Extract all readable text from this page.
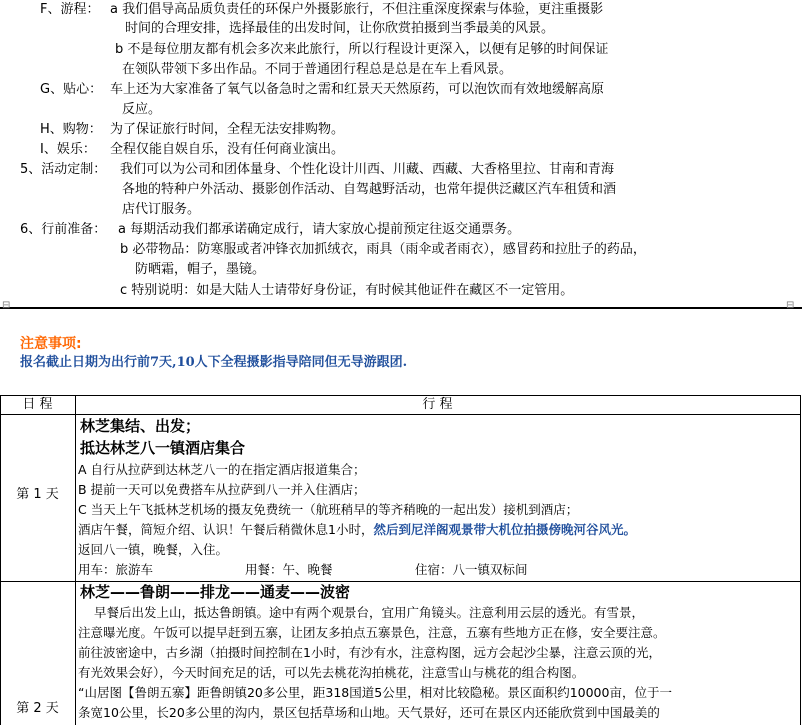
F、游程： a 我们倡导高品质负责任的环保户外摄影旅行，不但注重深度探索与体验，更注重摄影
时间的合理安排，选择最佳的出发时间，让你欣赏拍摄到当季最美的风景。
b 不是每位朋友都有机会多次来此旅行，所以行程设计更深入，以便有足够的时间保证
在领队带领下多出作品。不同于普通团行程总是总是在车上看风景。
G、贴心： 车上还为大家准备了氧气以备急时之需和红景天天然原药，可以泡饮而有效地缓解高原
反应。
H、购物： 为了保证旅行时间，全程无法安排购物。
I、娱乐： 全程仅能自娱自乐，没有任何商业演出。
5、活动定制： 我们可以为公司和团体量身、个性化设计川西、川藏、西藏、大香格里拉、甘南和青海
各地的特种户外活动、摄影创作活动、自驾越野活动，也常年提供泛藏区汽车租赁和酒
店代订服务。
6、行前准备： a 每期活动我们都承诺确定成行，请大家放心提前预定往返交通票务。
b 必带物品：防寒服或者冲锋衣加抓绒衣，雨具（雨伞或者雨衣），感冒药和拉肚子的药品，
防晒霜，帽子，墨镜。
c 特别说明：如是大陆人士请带好身份证，有时候其他证件在藏区不一定管用。
⊟	⊟
注意事项:
报名截止日期为出行前7天,10人下全程摄影指导陪同但无导游跟团.
日 程	行 程
第 1 天
林芝集结、出发；
抵达林芝八一镇酒店集合
A 自行从拉萨到达林芝八一的在指定酒店报道集合；
B 提前一天可以免费搭车从拉萨到八一并入住酒店；
C 当天上午飞抵林芝机场的摄友免费统一（航班稍早的等齐稍晚的一起出发）接机到酒店；
酒店午餐，简短介绍、认识！午餐后稍微休息1小时，然后到尼洋阁观景带大机位拍摄傍晚河谷风光。
返回八一镇，晚餐，入住。
用车：旅游车	用餐：午、晚餐	住宿：八一镇双标间
第 2 天
林芝——鲁朗——排龙——通麦——波密
早餐后出发上山，抵达鲁朗镇。途中有两个观景台，宜用广角镜头。注意利用云层的透光。有雪景，
注意曝光度。午饭可以提早赶到五寨，让团友多拍点五寨景色，注意，五寨有些地方正在修，安全要注意。
前往波密途中，古乡湖（拍摄时间控制在1小时，有沙有水，注意构图，远方会起沙尘暴，注意云顶的光，
有光效果会好），今天时间充足的话，可以先去桃花沟拍桃花，注意雪山与桃花的组合构图。
“山居图【鲁朗五寨】距鲁朗镇20多公里，距318国道5公里，相对比较隐秘。景区面积约10000亩，位于一
条宽10公里，长20多公里的沟内，景区包括草场和山地。天气景好，还可在景区内还能欣赏到中国最美的
